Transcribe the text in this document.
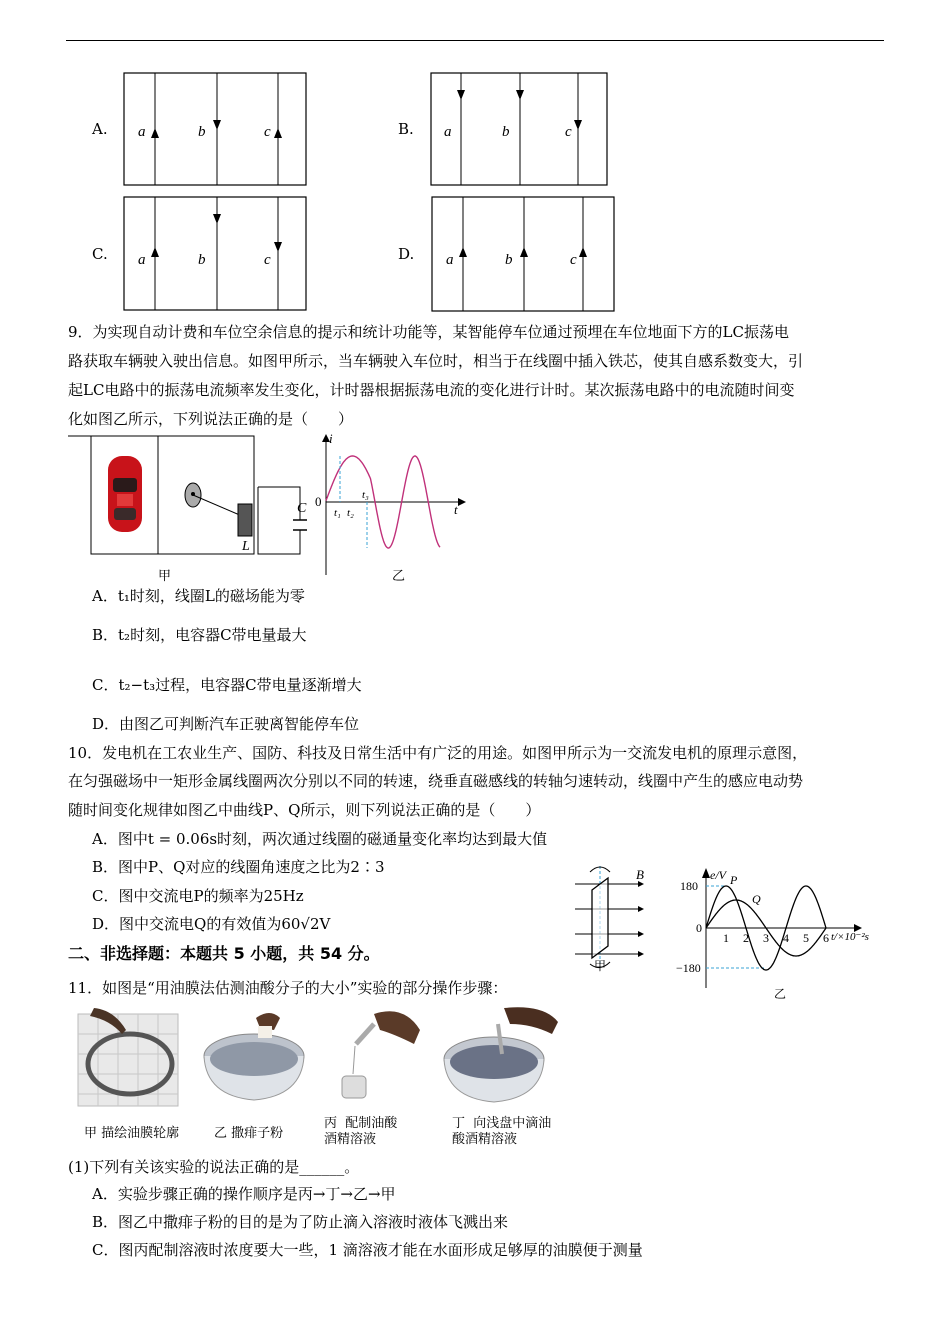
A. a	b	c	B. a	b	c
C. a	b	c	D. a	b	c
9．为实现自动计费和车位空余信息的提示和统计功能等，某智能停车位通过预埋在车位地面下方的LC振荡电
路获取车辆驶入驶出信息。如图甲所示，当车辆驶入车位时，相当于在线圈中插入铁芯，使其自感系数变大，引
起LC电路中的振荡电流频率发生变化，计时器根据振荡电流的变化进行计时。某次振荡电路中的电流随时间变
化如图乙所示，下列说法正确的是（　　）
L
C
甲
i
0
t
t₁ t₂
t₃
乙
A．t₁时刻，线圈L的磁场能为零
B．t₂时刻，电容器C带电量最大
C．t₂−t₃过程，电容器C带电量逐渐增大
D．由图乙可判断汽车正驶离智能停车位
10．发电机在工农业生产、国防、科技及日常生活中有广泛的用途。如图甲所示为一交流发电机的原理示意图，
在匀强磁场中一矩形金属线圈两次分别以不同的转速，绕垂直磁感线的转轴匀速转动，线圈中产生的感应电动势
随时间变化规律如图乙中曲线P、Q所示，则下列说法正确的是（　　）
A．图中t = 0.06s时刻，两次通过线圈的磁通量变化率均达到最大值
B．图中P、Q对应的线圈角速度之比为2∶3
C．图中交流电P的频率为25Hz
D．图中交流电Q的有效值为60√2V
B
甲
1 2 3 4 5 6
e/V
180
0
−180
t/×10⁻²s
P
Q
乙
二、非选择题：本题共 5 小题，共 54 分。
11．如图是“用油膜法估测油酸分子的大小”实验的部分操作步骤：
甲 描绘油膜轮廓	乙 撒痱子粉
丙  配制油酸
酒精溶液
丁  向浅盘中滴油
酸酒精溶液
(1)下列有关该实验的说法正确的是______。
A．实验步骤正确的操作顺序是丙→丁→乙→甲
B．图乙中撒痱子粉的目的是为了防止滴入溶液时液体飞溅出来
C．图丙配制溶液时浓度要大一些，1 滴溶液才能在水面形成足够厚的油膜便于测量
